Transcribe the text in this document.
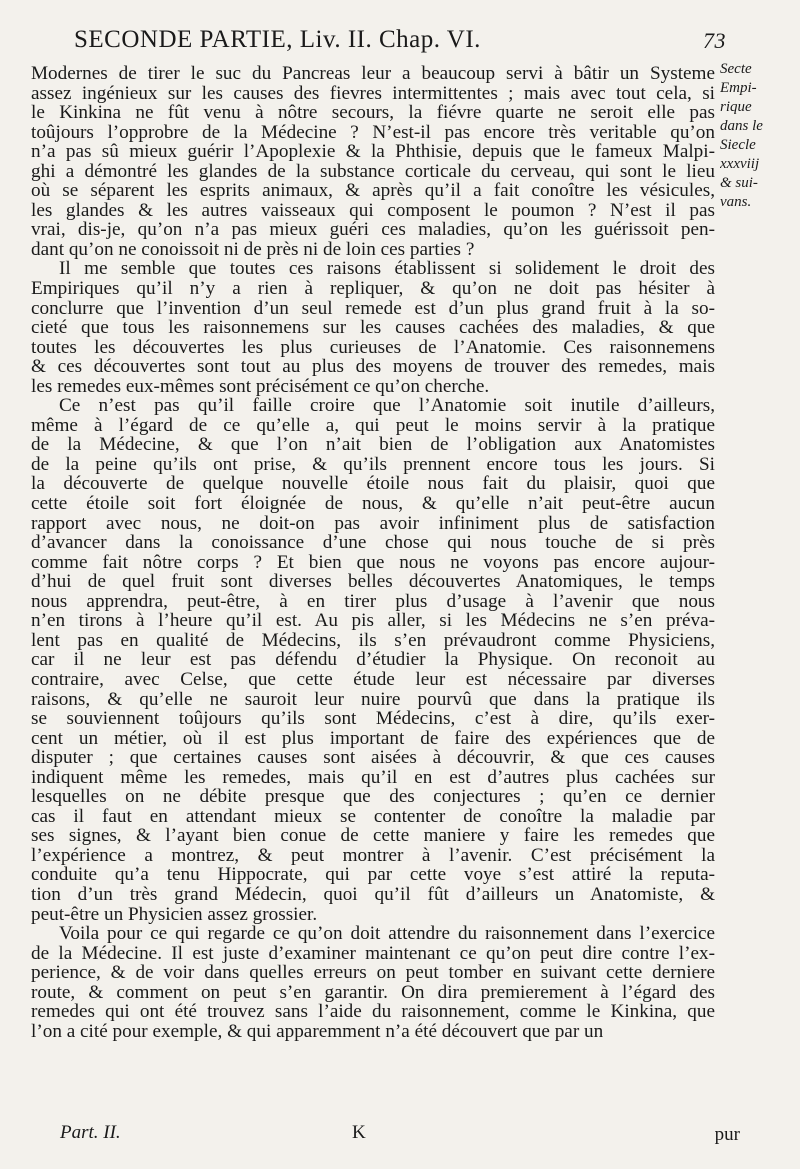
SECONDE PARTIE, Liv. II. Chap. VI.	73
Modernes de tirer le suc du Pancreas leur a beaucoup servi à bâtir un Systeme
assez ingénieux sur les causes des fievres intermittentes ; mais avec tout cela, si
le Kinkina ne fût venu à nôtre secours, la fiévre quarte ne seroit elle pas
toûjours l’opprobre de la Médecine ? N’est-il pas encore très veritable qu’on
n’a pas sû mieux guérir l’Apoplexie & la Phthisie, depuis que le fameux Malpi-
ghi a démontré les glandes de la substance corticale du cerveau, qui sont le lieu
où se séparent les esprits animaux, & après qu’il a fait conoître les vésicules,
les glandes & les autres vaisseaux qui composent le poumon ? N’est il pas
vrai, dis-je, qu’on n’a pas mieux guéri ces maladies, qu’on les guérissoit pen-
dant qu’on ne conoissoit ni de près ni de loin ces parties ?
Il me semble que toutes ces raisons établissent si solidement le droit des
Empiriques qu’il n’y a rien à repliquer, & qu’on ne doit pas hésiter à
conclurre que l’invention d’un seul remede est d’un plus grand fruit à la so-
cieté que tous les raisonnemens sur les causes cachées des maladies, & que
toutes les découvertes les plus curieuses de l’Anatomie. Ces raisonnemens
& ces découvertes sont tout au plus des moyens de trouver des remedes, mais
les remedes eux-mêmes sont précisément ce qu’on cherche.
Ce n’est pas qu’il faille croire que l’Anatomie soit inutile d’ailleurs,
même à l’égard de ce qu’elle a, qui peut le moins servir à la pratique
de la Médecine, & que l’on n’ait bien de l’obligation aux Anatomistes
de la peine qu’ils ont prise, & qu’ils prennent encore tous les jours. Si
la découverte de quelque nouvelle étoile nous fait du plaisir, quoi que
cette étoile soit fort éloignée de nous, & qu’elle n’ait peut-être aucun
rapport avec nous, ne doit-on pas avoir infiniment plus de satisfaction
d’avancer dans la conoissance d’une chose qui nous touche de si près
comme fait nôtre corps ? Et bien que nous ne voyons pas encore aujour-
d’hui de quel fruit sont diverses belles découvertes Anatomiques, le temps
nous apprendra, peut-être, à en tirer plus d’usage à l’avenir que nous
n’en tirons à l’heure qu’il est. Au pis aller, si les Médecins ne s’en préva-
lent pas en qualité de Médecins, ils s’en prévaudront comme Physiciens,
car il ne leur est pas défendu d’étudier la Physique. On reconoit au
contraire, avec Celse, que cette étude leur est nécessaire par diverses
raisons, & qu’elle ne sauroit leur nuire pourvû que dans la pratique ils
se souviennent toûjours qu’ils sont Médecins, c’est à dire, qu’ils exer-
cent un métier, où il est plus important de faire des expériences que de
disputer ; que certaines causes sont aisées à découvrir, & que ces causes
indiquent même les remedes, mais qu’il en est d’autres plus cachées sur
lesquelles on ne débite presque que des conjectures ; qu’en ce dernier
cas il faut en attendant mieux se contenter de conoître la maladie par
ses signes, & l’ayant bien conue de cette maniere y faire les remedes que
l’expérience a montrez, & peut montrer à l’avenir. C’est précisément la
conduite qu’a tenu Hippocrate, qui par cette voye s’est attiré la reputa-
tion d’un très grand Médecin, quoi qu’il fût d’ailleurs un Anatomiste, &
peut-être un Physicien assez grossier.
Voila pour ce qui regarde ce qu’on doit attendre du raisonnement dans l’exercice
de la Médecine. Il est juste d’examiner maintenant ce qu’on peut dire contre l’ex-
perience, & de voir dans quelles erreurs on peut tomber en suivant cette derniere
route, & comment on peut s’en garantir. On dira premierement à l’égard des
remedes qui ont été trouvez sans l’aide du raisonnement, comme le Kinkina, que
l’on a cité pour exemple, & qui apparemment n’a été découvert que par un
Secte
Empi-
rique
dans le
Siecle
xxxviij
& sui-
vans.
Part. II.	K	pur
